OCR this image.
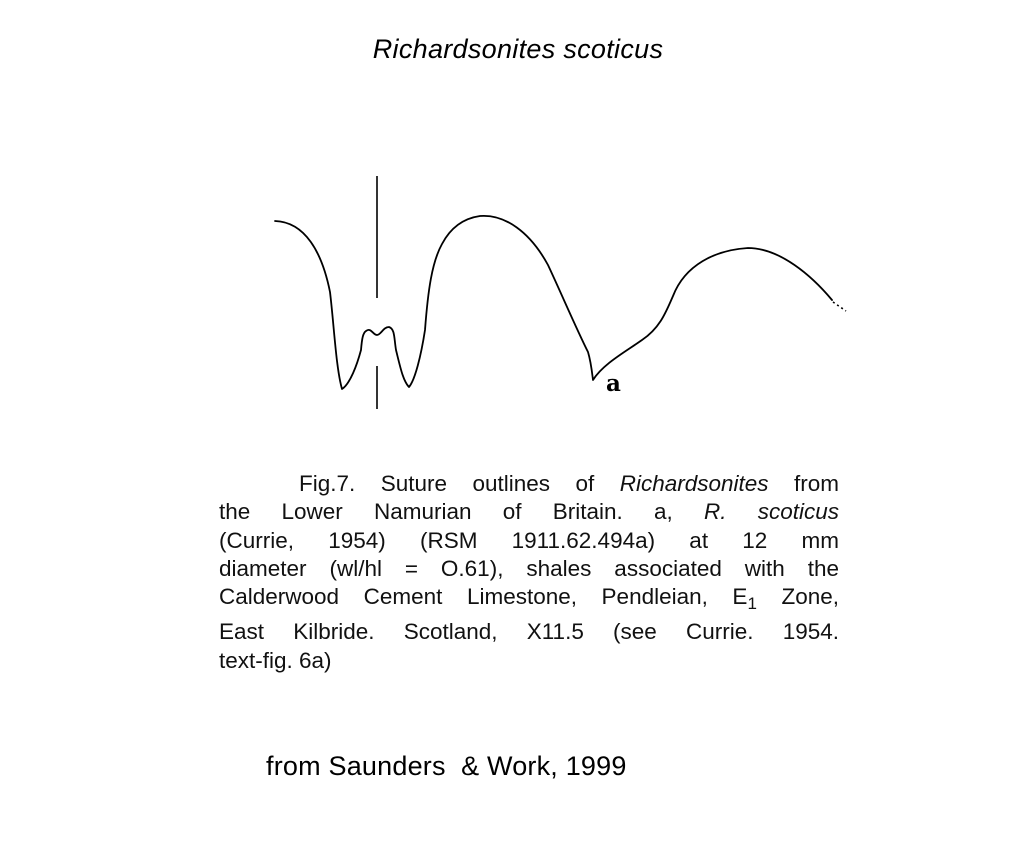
Richardsonites scoticus
a
Fig.7. Suture outlines of Richardsonites from
the Lower Namurian of Britain. a, R. scoticus
(Currie, 1954) (RSM 1911.62.494a) at 12 mm
diameter (wl/hl = O.61), shales associated with the
Calderwood Cement Limestone, Pendleian, $E_1$ Zone,
East Kilbride. Scotland, X11.5 (see Currie. 1954.
text-fig. 6a)
from Saunders  & Work, 1999
